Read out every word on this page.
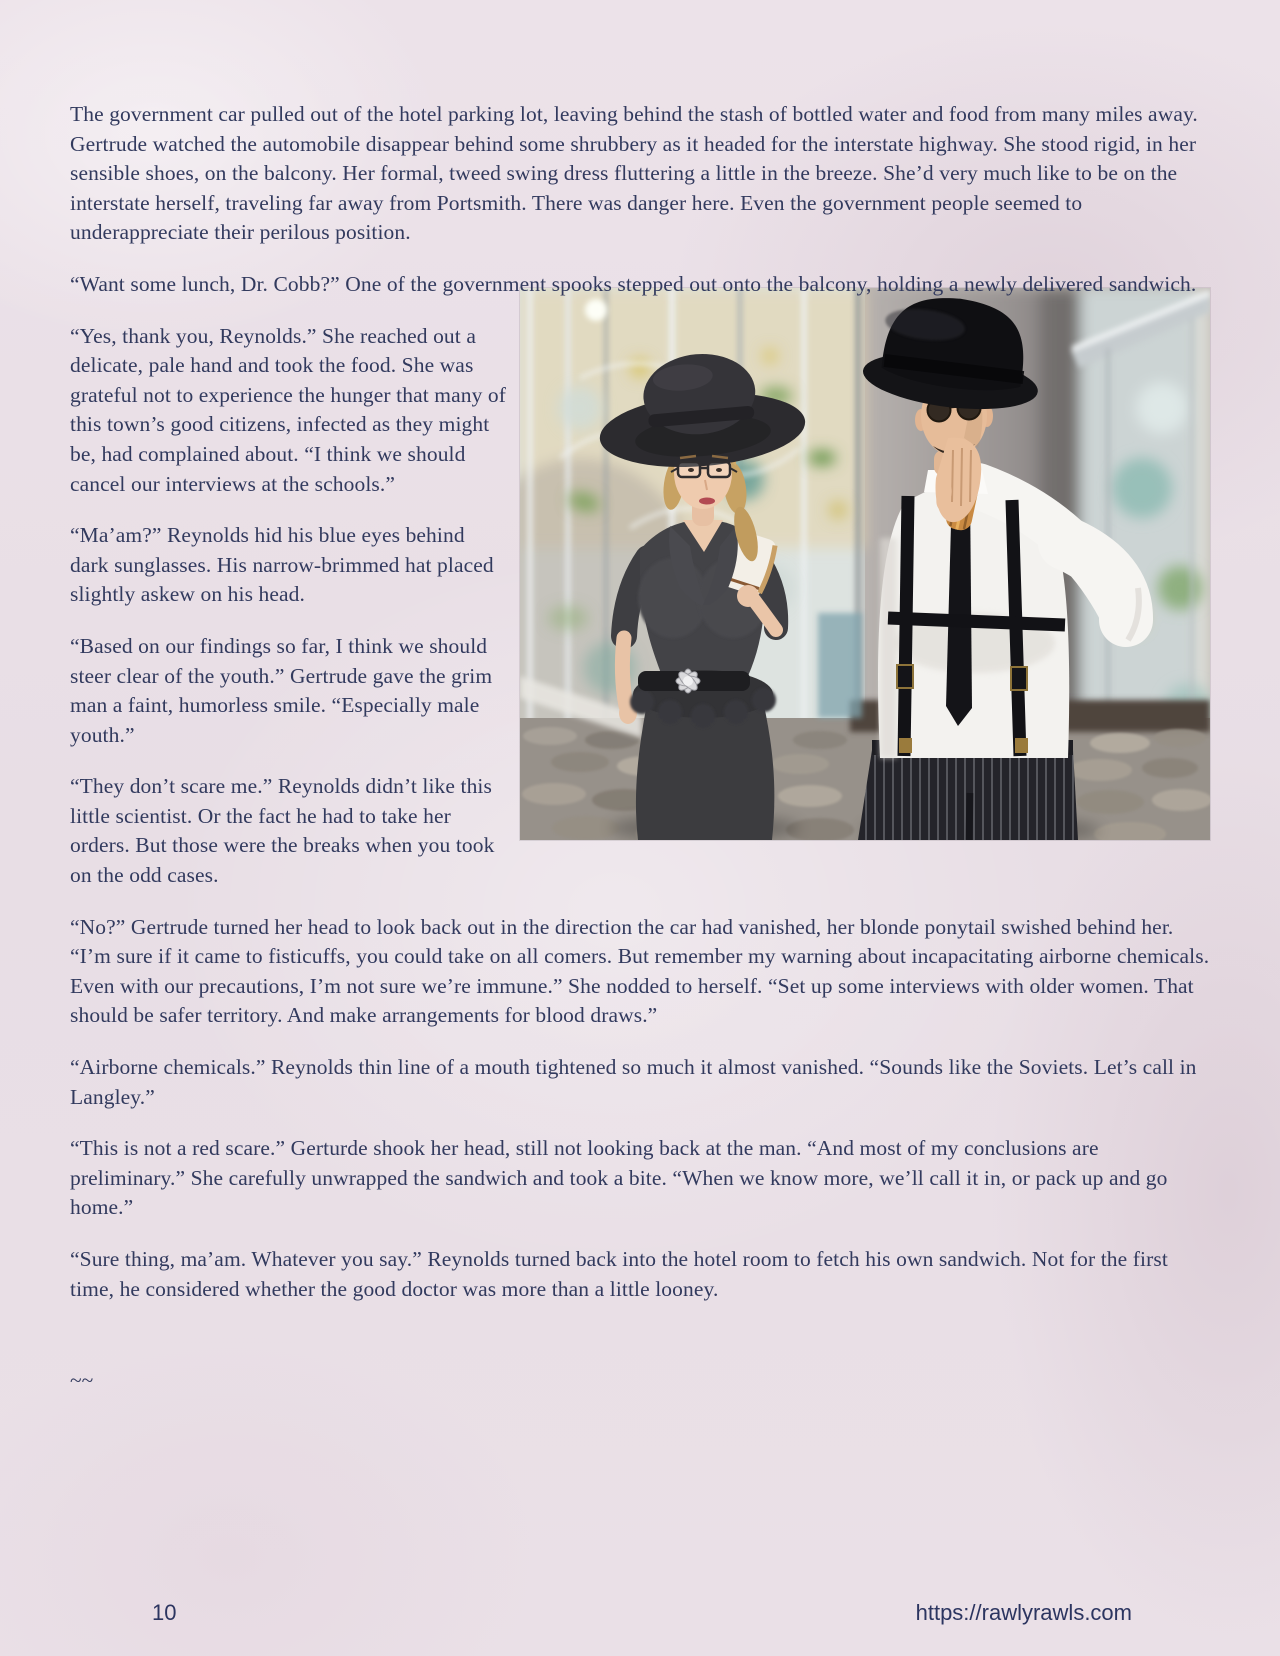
The government car pulled out of the hotel parking lot, leaving behind the stash of bottled water and food from many miles away. Gertrude watched the automobile disappear behind some shrubbery as it headed for the interstate highway. She stood rigid, in her sensible shoes, on the balcony. Her formal, tweed swing dress fluttering a little in the breeze. She’d very much like to be on the interstate herself, traveling far away from Portsmith. There was danger here. Even the government people seemed to underappreciate their perilous position.

“Want some lunch, Dr. Cobb?” One of the government spooks stepped out onto the balcony, holding a newly delivered sandwich.

“Yes, thank you, Reynolds.” She reached out a delicate, pale hand and took the food. She was grateful not to experience the hunger that many of this town’s good citizens, infected as they might be, had complained about. “I think we should cancel our interviews at the schools.”

“Ma’am?” Reynolds hid his blue eyes behind dark sunglasses. His narrow-brimmed hat placed slightly askew on his head.

“Based on our findings so far, I think we should steer clear of the youth.” Gertrude gave the grim man a faint, humorless smile. “Especially male youth.”

“They don’t scare me.” Reynolds didn’t like this little scientist. Or the fact he had to take her orders. But those were the breaks when you took on the odd cases.

“No?” Gertrude turned her head to look back out in the direction the car had vanished, her blonde ponytail swished behind her. “I’m sure if it came to fisticuffs, you could take on all comers. But remember my warning about incapacitating airborne chemicals. Even with our precautions, I’m not sure we’re immune.” She nodded to herself. “Set up some interviews with older women. That should be safer territory. And make arrangements for blood draws.”

“Airborne chemicals.” Reynolds thin line of a mouth tightened so much it almost vanished. “Sounds like the Soviets. Let’s call in Langley.”

“This is not a red scare.” Gerturde shook her head, still not looking back at the man. “And most of my conclusions are preliminary.” She carefully unwrapped the sandwich and took a bite. “When we know more, we’ll call it in, or pack up and go home.”

“Sure thing, ma’am. Whatever you say.” Reynolds turned back into the hotel room to fetch his own sandwich. Not for the first time, he considered whether the good doctor was more than a little looney.

~~

10	https://rawlyrawls.com
